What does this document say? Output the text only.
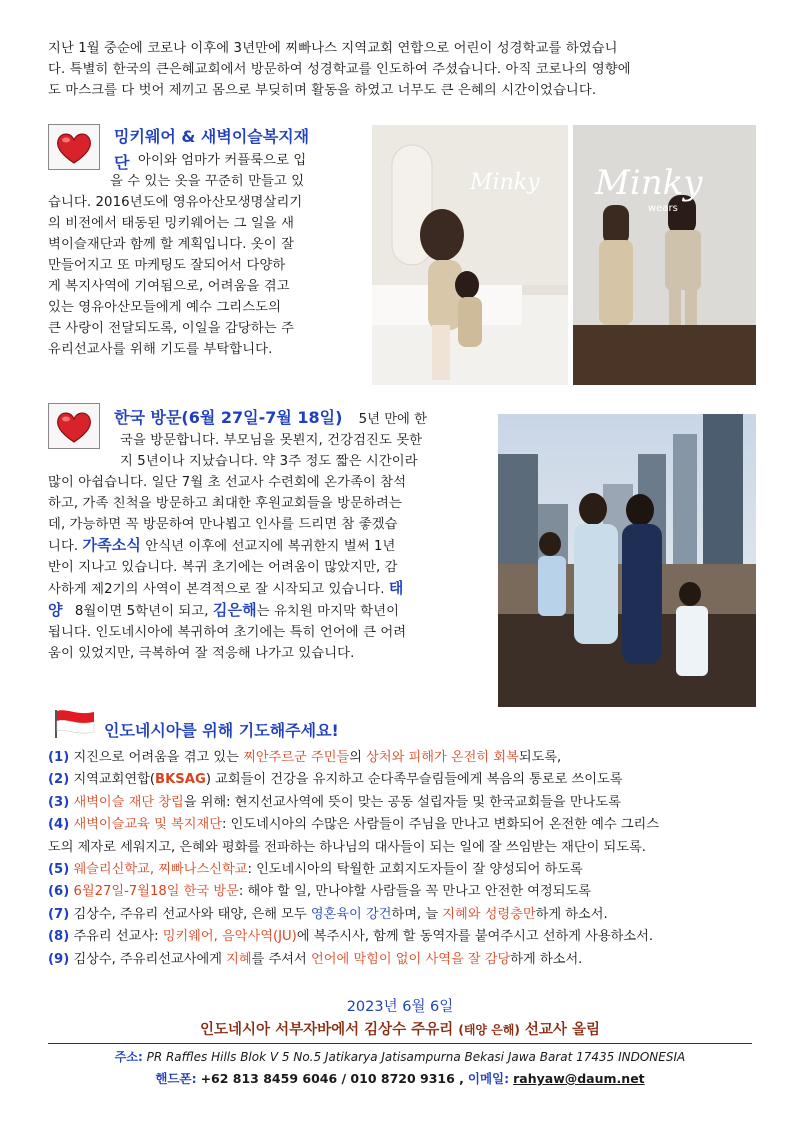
지난 1월 중순에 코로나 이후에 3년만에 찌빠나스 지역교회 연합으로 어린이 성경학교를 하였습니
다. 특별히 한국의 큰은혜교회에서 방문하여 성경학교를 인도하여 주셨습니다. 아직 코로나의 영향에
도 마스크를 다 벗어 제끼고 몸으로 부딪히며 활동을 하였고 너무도 큰 은혜의 시간이었습니다.
밍키웨어 & 새벽이슬복지재
단 아이와 엄마가 커플룩으로 입
을 수 있는 옷을 꾸준히 만들고 있
습니다. 2016년도에 영유아산모생명살리기
의 비전에서 태동된 밍키웨어는 그 일을 새
벽이슬재단과 함께 할 계획입니다. 옷이 잘
만들어지고 또 마케팅도 잘되어서 다양하
게 복지사역에 기여됨으로, 어려움을 겪고
있는 영유아산모들에게 예수 그리스도의
큰 사랑이 전달되도록, 이일을 감당하는 주
유리선교사를 위해 기도를 부탁합니다.
Minky Minky
wears
한국 방문(6월 27일-7월 18일) 5년 만에 한
국을 방문합니다. 부모님을 못뵌지, 건강검진도 못한
지 5년이나 지났습니다. 약 3주 정도 짧은 시간이라
많이 아쉽습니다. 일단 7월 초 선교사 수련회에 온가족이 참석
하고, 가족 친척을 방문하고 최대한 후원교회들을 방문하려는
데, 가능하면 꼭 방문하여 만나뵙고 인사를 드리면 참 좋겠습
니다. 가족소식 안식년 이후에 선교지에 복귀한지 벌써 1년
반이 지나고 있습니다. 복귀 초기에는 어려움이 많았지만, 감
사하게 제2기의 사역이 본격적으로 잘 시작되고 있습니다. 태
양 8월이면 5학년이 되고, 김은해는 유치원 마지막 학년이
됩니다. 인도네시아에 복귀하여 초기에는 특히 언어에 큰 어려
움이 있었지만, 극복하여 잘 적응해 나가고 있습니다.
인도네시아를 위해 기도해주세요!
(1) 지진으로 어려움을 겪고 있는 찌안주르군 주민들의 상처와 피해가 온전히 회복되도록,
(2) 지역교회연합(BKSAG) 교회들이 건강을 유지하고 순다족무슬림들에게 복음의 통로로 쓰이도록
(3) 새벽이슬 재단 창립을 위해: 현지선교사역에 뜻이 맞는 공동 설립자들 및 한국교회들을 만나도록
(4) 새벽이슬교육 및 복지재단: 인도네시아의 수많은 사람들이 주님을 만나고 변화되어 온전한 예수 그리스
도의 제자로 세워지고, 은혜와 평화를 전파하는 하나님의 대사들이 되는 일에 잘 쓰임받는 재단이 되도록.
(5) 웨슬리신학교, 찌빠나스신학교: 인도네시아의 탁월한 교회지도자들이 잘 양성되어 하도록
(6) 6월27일-7월18일 한국 방문: 해야 할 일, 만나야할 사람들을 꼭 만나고 안전한 여정되도록
(7) 김상수, 주유리 선교사와 태양, 은해 모두 영혼육이 강건하며, 늘 지혜와 성령충만하게 하소서.
(8) 주유리 선교사: 밍키웨어, 음악사역(JU)에 복주시사, 함께 할 동역자를 붙여주시고 선하게 사용하소서.
(9) 김상수, 주유리선교사에게 지혜를 주셔서 언어에 막힘이 없이 사역을 잘 감당하게 하소서.
2023년 6월 6일
인도네시아 서부자바에서 김상수 주유리 (태양 은해) 선교사 올림
주소: PR Raffles Hills Blok V 5 No.5 Jatikarya Jatisampurna Bekasi Jawa Barat 17435 INDONESIA
핸드폰: +62 813 8459 6046 / 010 8720 9316 , 이메일: rahyaw@daum.net
